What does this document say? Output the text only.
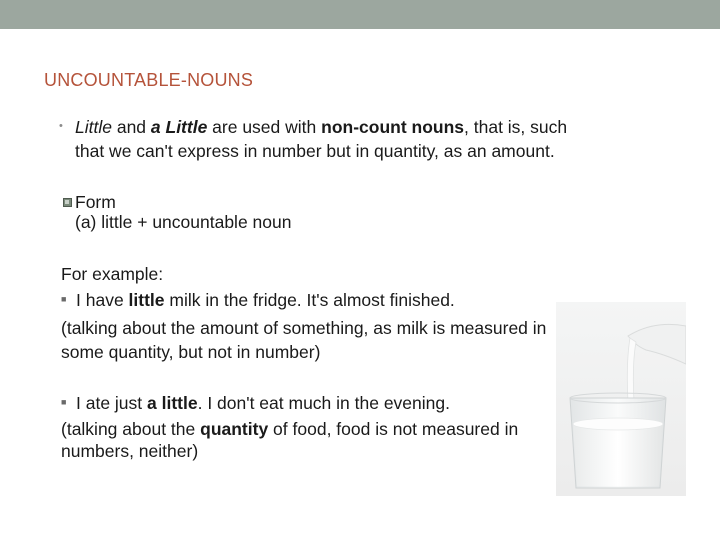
UNCOUNTABLE-NOUNS
• Little and a Little are used with non-count nouns, that is, such
that we can't express in number but in quantity, as an amount.
Form
(a) little + uncountable noun
For example:
■ I have little milk in the fridge. It's almost finished.
(talking about the amount of something, as milk is measured in
some quantity, but not in number)
■ I ate just a little. I don't eat much in the evening.
(talking about the quantity of food, food is not measured in
numbers, neither)
